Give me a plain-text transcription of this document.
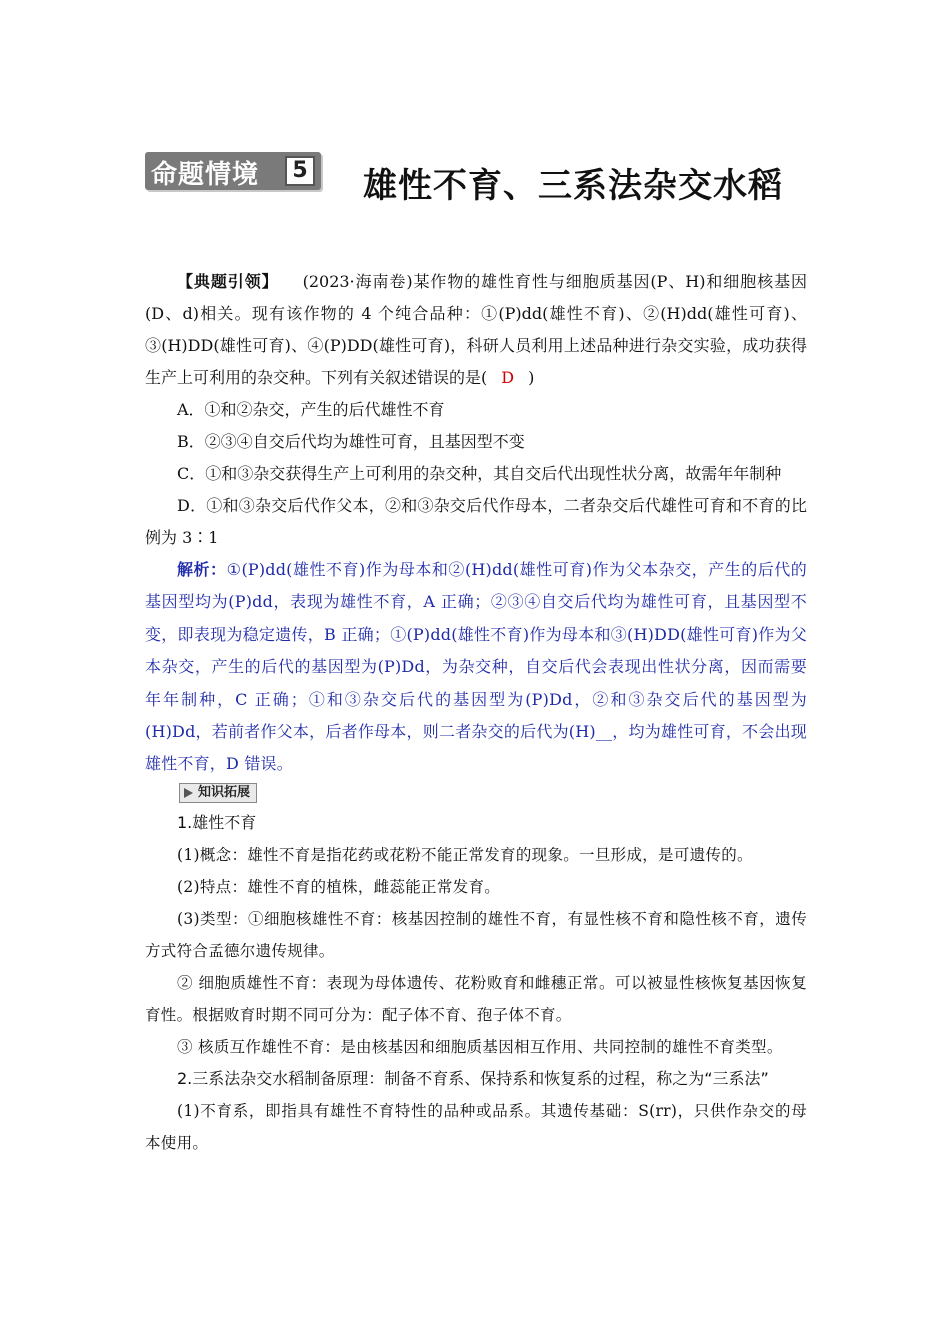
命题情境	5 雄性不育、三系法杂交水稻

【典题引领】 (2023·海南卷)某作物的雄性育性与细胞质基因(P、H)和细胞核基因(D、d)相关。现有该作物的 4 个纯合品种：①(P)dd(雄性不育)、②(H)dd(雄性可育)、③(H)DD(雄性可育)、④(P)DD(雄性可育)，科研人员利用上述品种进行杂交实验，成功获得生产上可利用的杂交种。下列有关叙述错误的是( D )

A．①和②杂交，产生的后代雄性不育

B．②③④自交后代均为雄性可育，且基因型不变

C．①和③杂交获得生产上可利用的杂交种，其自交后代出现性状分离，故需年年制种

D．①和③杂交后代作父本，②和③杂交后代作母本，二者杂交后代雄性可育和不育的比例为 3∶1

解析：①(P)dd(雄性不育)作为母本和②(H)dd(雄性可育)作为父本杂交，产生的后代的基因型均为(P)dd，表现为雄性不育，A 正确；②③④自交后代均为雄性可育，且基因型不变，即表现为稳定遗传，B 正确；①(P)dd(雄性不育)作为母本和③(H)DD(雄性可育)作为父本杂交，产生的后代的基因型为(P)Dd，为杂交种，自交后代会表现出性状分离，因而需要年年制种，C 正确；①和③杂交后代的基因型为(P)Dd，②和③杂交后代的基因型为(H)Dd，若前者作父本，后者作母本，则二者杂交的后代为(H)__，均为雄性可育，不会出现雄性不育，D 错误。

知识拓展

1.雄性不育

(1)概念：雄性不育是指花药或花粉不能正常发育的现象。一旦形成，是可遗传的。

(2)特点：雄性不育的植株，雌蕊能正常发育。

(3)类型：①细胞核雄性不育：核基因控制的雄性不育，有显性核不育和隐性核不育，遗传方式符合孟德尔遗传规律。

② 细胞质雄性不育：表现为母体遗传、花粉败育和雌穗正常。可以被显性核恢复基因恢复育性。根据败育时期不同可分为：配子体不育、孢子体不育。

③ 核质互作雄性不育：是由核基因和细胞质基因相互作用、共同控制的雄性不育类型。

2.三系法杂交水稻制备原理：制备不育系、保持系和恢复系的过程，称之为“三系法”

(1)不育系，即指具有雄性不育特性的品种或品系。其遗传基础：S(rr)，只供作杂交的母本使用。
